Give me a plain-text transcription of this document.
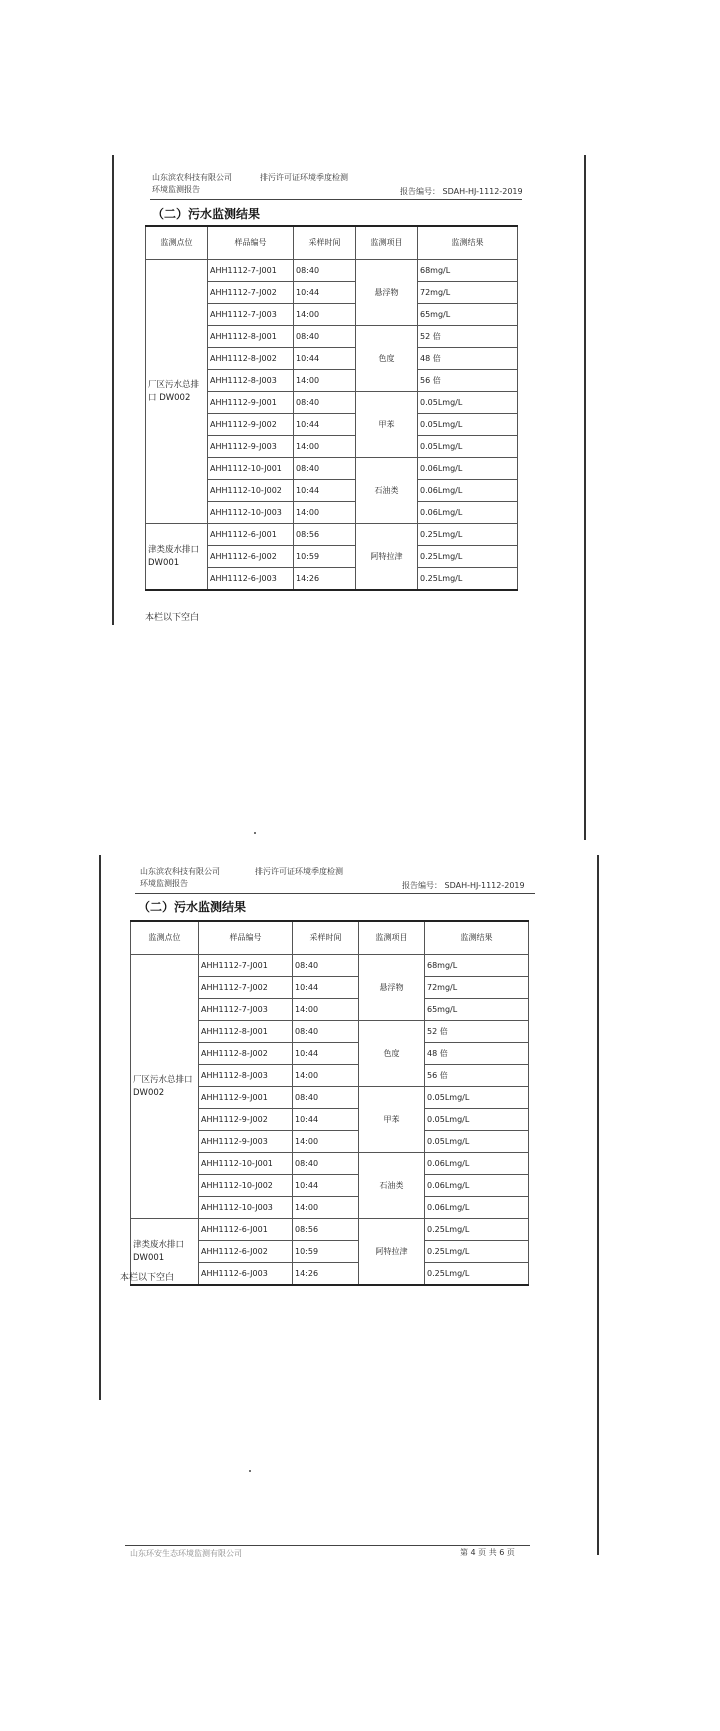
山东滨农科技有限公司	排污许可证环境季度检测
环境监测报告	报告编号： SDAH-HJ-1112-2019
（二）污水监测结果
监测点位	样品编号	采样时间	监测项目	监测结果
厂区污水总排口 DW002	AHH1112-7-J001	08:40	悬浮物	68mg/L
	AHH1112-7-J002	10:44		72mg/L
	AHH1112-7-J003	14:00		65mg/L
	AHH1112-8-J001	08:40	色度	52 倍
	AHH1112-8-J002	10:44		48 倍
	AHH1112-8-J003	14:00		56 倍
	AHH1112-9-J001	08:40	甲苯	0.05Lmg/L
	AHH1112-9-J002	10:44		0.05Lmg/L
	AHH1112-9-J003	14:00		0.05Lmg/L
	AHH1112-10-J001	08:40	石油类	0.06Lmg/L
	AHH1112-10-J002	10:44		0.06Lmg/L
	AHH1112-10-J003	14:00		0.06Lmg/L
津类废水排口 DW001	AHH1112-6-J001	08:56	阿特拉津	0.25Lmg/L
	AHH1112-6-J002	10:59		0.25Lmg/L
	AHH1112-6-J003	14:26		0.25Lmg/L
本栏以下空白
山东滨农科技有限公司	排污许可证环境季度检测
环境监测报告	报告编号： SDAH-HJ-1112-2019
（二）污水监测结果
监测点位	样品编号	采样时间	监测项目	监测结果
厂区污水总排口 DW002	AHH1112-7-J001	08:40	悬浮物	68mg/L
	AHH1112-7-J002	10:44		72mg/L
	AHH1112-7-J003	14:00		65mg/L
	AHH1112-8-J001	08:40	色度	52 倍
	AHH1112-8-J002	10:44		48 倍
	AHH1112-8-J003	14:00		56 倍
	AHH1112-9-J001	08:40	甲苯	0.05Lmg/L
	AHH1112-9-J002	10:44		0.05Lmg/L
	AHH1112-9-J003	14:00		0.05Lmg/L
	AHH1112-10-J001	08:40	石油类	0.06Lmg/L
	AHH1112-10-J002	10:44		0.06Lmg/L
	AHH1112-10-J003	14:00		0.06Lmg/L
津类废水排口 DW001	AHH1112-6-J001	08:56	阿特拉津	0.25Lmg/L
	AHH1112-6-J002	10:59		0.25Lmg/L
	AHH1112-6-J003	14:26		0.25Lmg/L
本栏以下空白
山东环安生态环境监测有限公司	第 4 页 共 6 页
